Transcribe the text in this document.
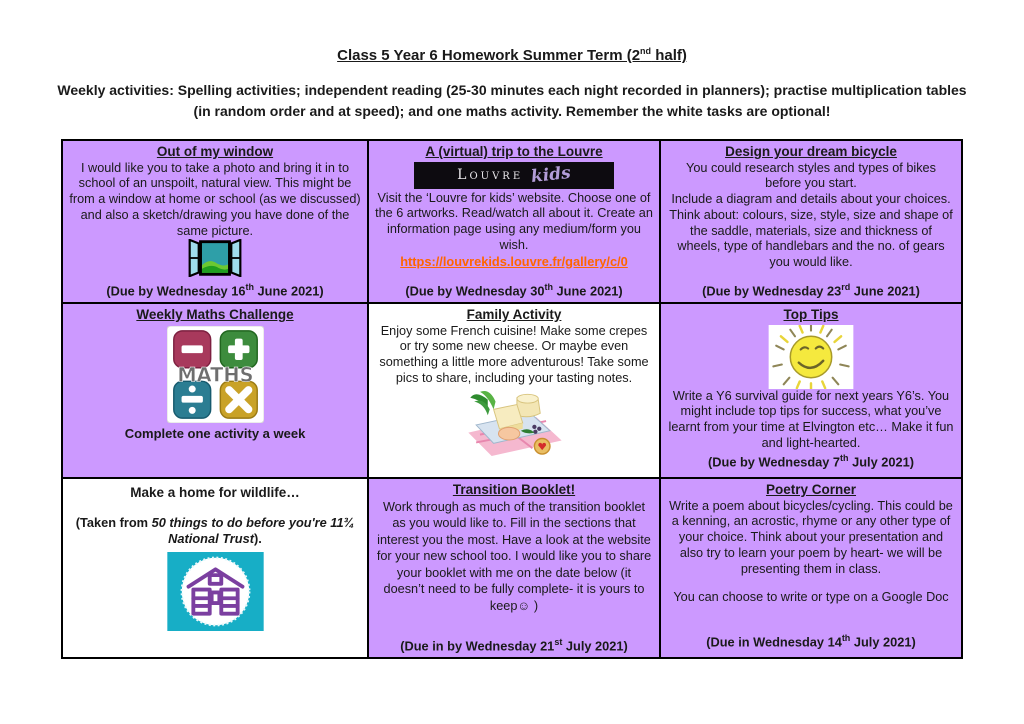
Class 5 Year 6 Homework Summer Term (2nd half)
Weekly activities: Spelling activities; independent reading (25-30 minutes each night recorded in planners); practise multiplication tables (in random order and at speed); and one maths activity. Remember the white tasks are optional!
Out of my window
I would like you to take a photo and bring it in to school of an unspoilt, natural view. This might be from a window at home or school (as we discussed) and also a sketch/drawing you have done of the same picture.
(Due by Wednesday 16th June 2021)
A (virtual) trip to the Louvre
Louvre kids
Visit the ‘Louvre for kids’ website. Choose one of the 6 artworks. Read/watch all about it. Create an information page using any medium/form you wish.
https://louvrekids.louvre.fr/gallery/c/0
(Due by Wednesday 30th June 2021)
Design your dream bicycle
You could research styles and types of bikes before you start.
Include a diagram and details about your choices. Think about: colours, size, style, size and shape of the saddle, materials, size and thickness of wheels, type of handlebars and the no. of gears you would like.
(Due by Wednesday 23rd June 2021)
Weekly Maths Challenge
MATHS
Complete one activity a week
Family Activity
Enjoy some French cuisine! Make some crepes or try some new cheese. Or maybe even something a little more adventurous! Take some pics to share, including your tasting notes.
Top Tips
Write a Y6 survival guide for next years Y6’s. You might include top tips for success, what you’ve learnt from your time at Elvington etc… Make it fun and light-hearted.
(Due by Wednesday 7th July 2021)
Make a home for wildlife…
(Taken from 50 things to do before you're 11¾ National Trust).
Transition Booklet!
Work through as much of the transition booklet as you would like to. Fill in the sections that interest you the most. Have a look at the website for your new school too. I would like you to share your booklet with me on the date below (it doesn’t need to be fully complete- it is yours to keep☺ )
(Due in by Wednesday 21st July 2021)
Poetry Corner
Write a poem about bicycles/cycling. This could be a kenning, an acrostic, rhyme or any other type of your choice. Think about your presentation and also try to learn your poem by heart- we will be presenting them in class.
You can choose to write or type on a Google Doc
(Due in Wednesday 14th July 2021)
